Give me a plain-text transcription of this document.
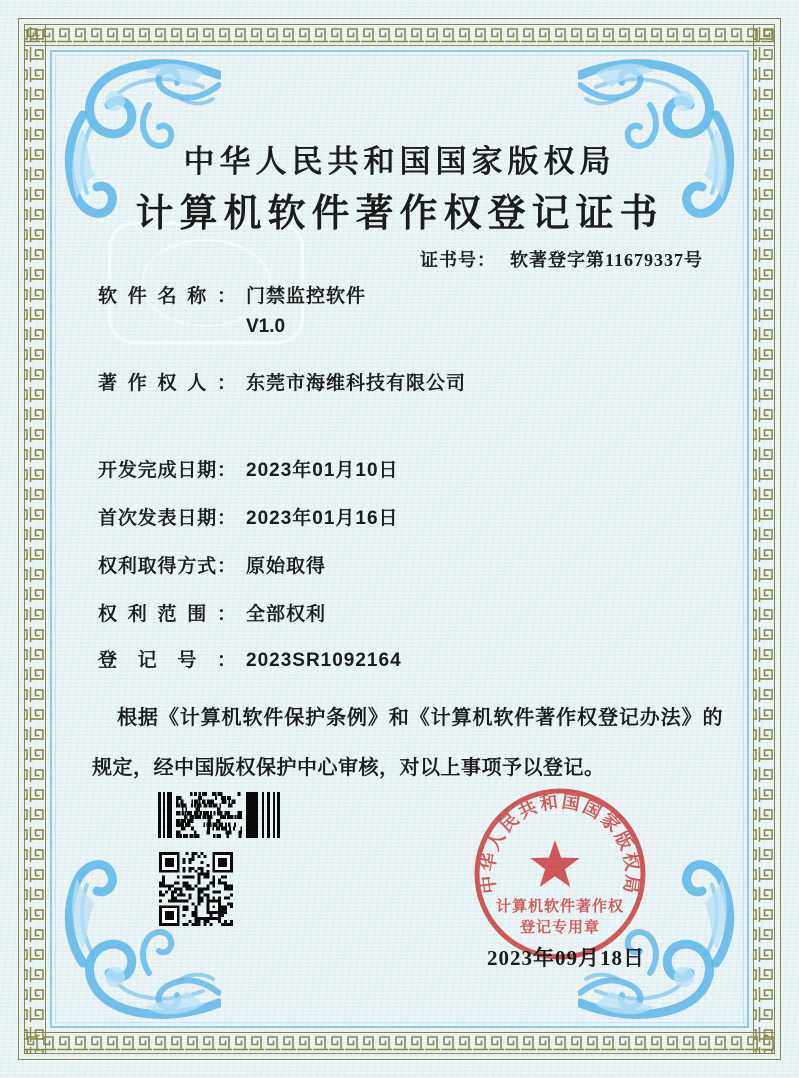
中华人民共和国国家版权局
计算机软件著作权登记证书
证书号： 软著登字第11679337号
软件名称： 门禁监控软件
V1.0
著作权人： 东莞市海维科技有限公司
开发完成日期： 2023年01月10日
首次发表日期： 2023年01月16日
权利取得方式： 原始取得
权利范围： 全部权利
登记号： 2023SR1092164
根据《计算机软件保护条例》和《计算机软件著作权登记办法》的
规定，经中国版权保护中心审核，对以上事项予以登记。
中华人民共和国国家版权局
计算机软件著作权
登记专用章
2023年09月18日
